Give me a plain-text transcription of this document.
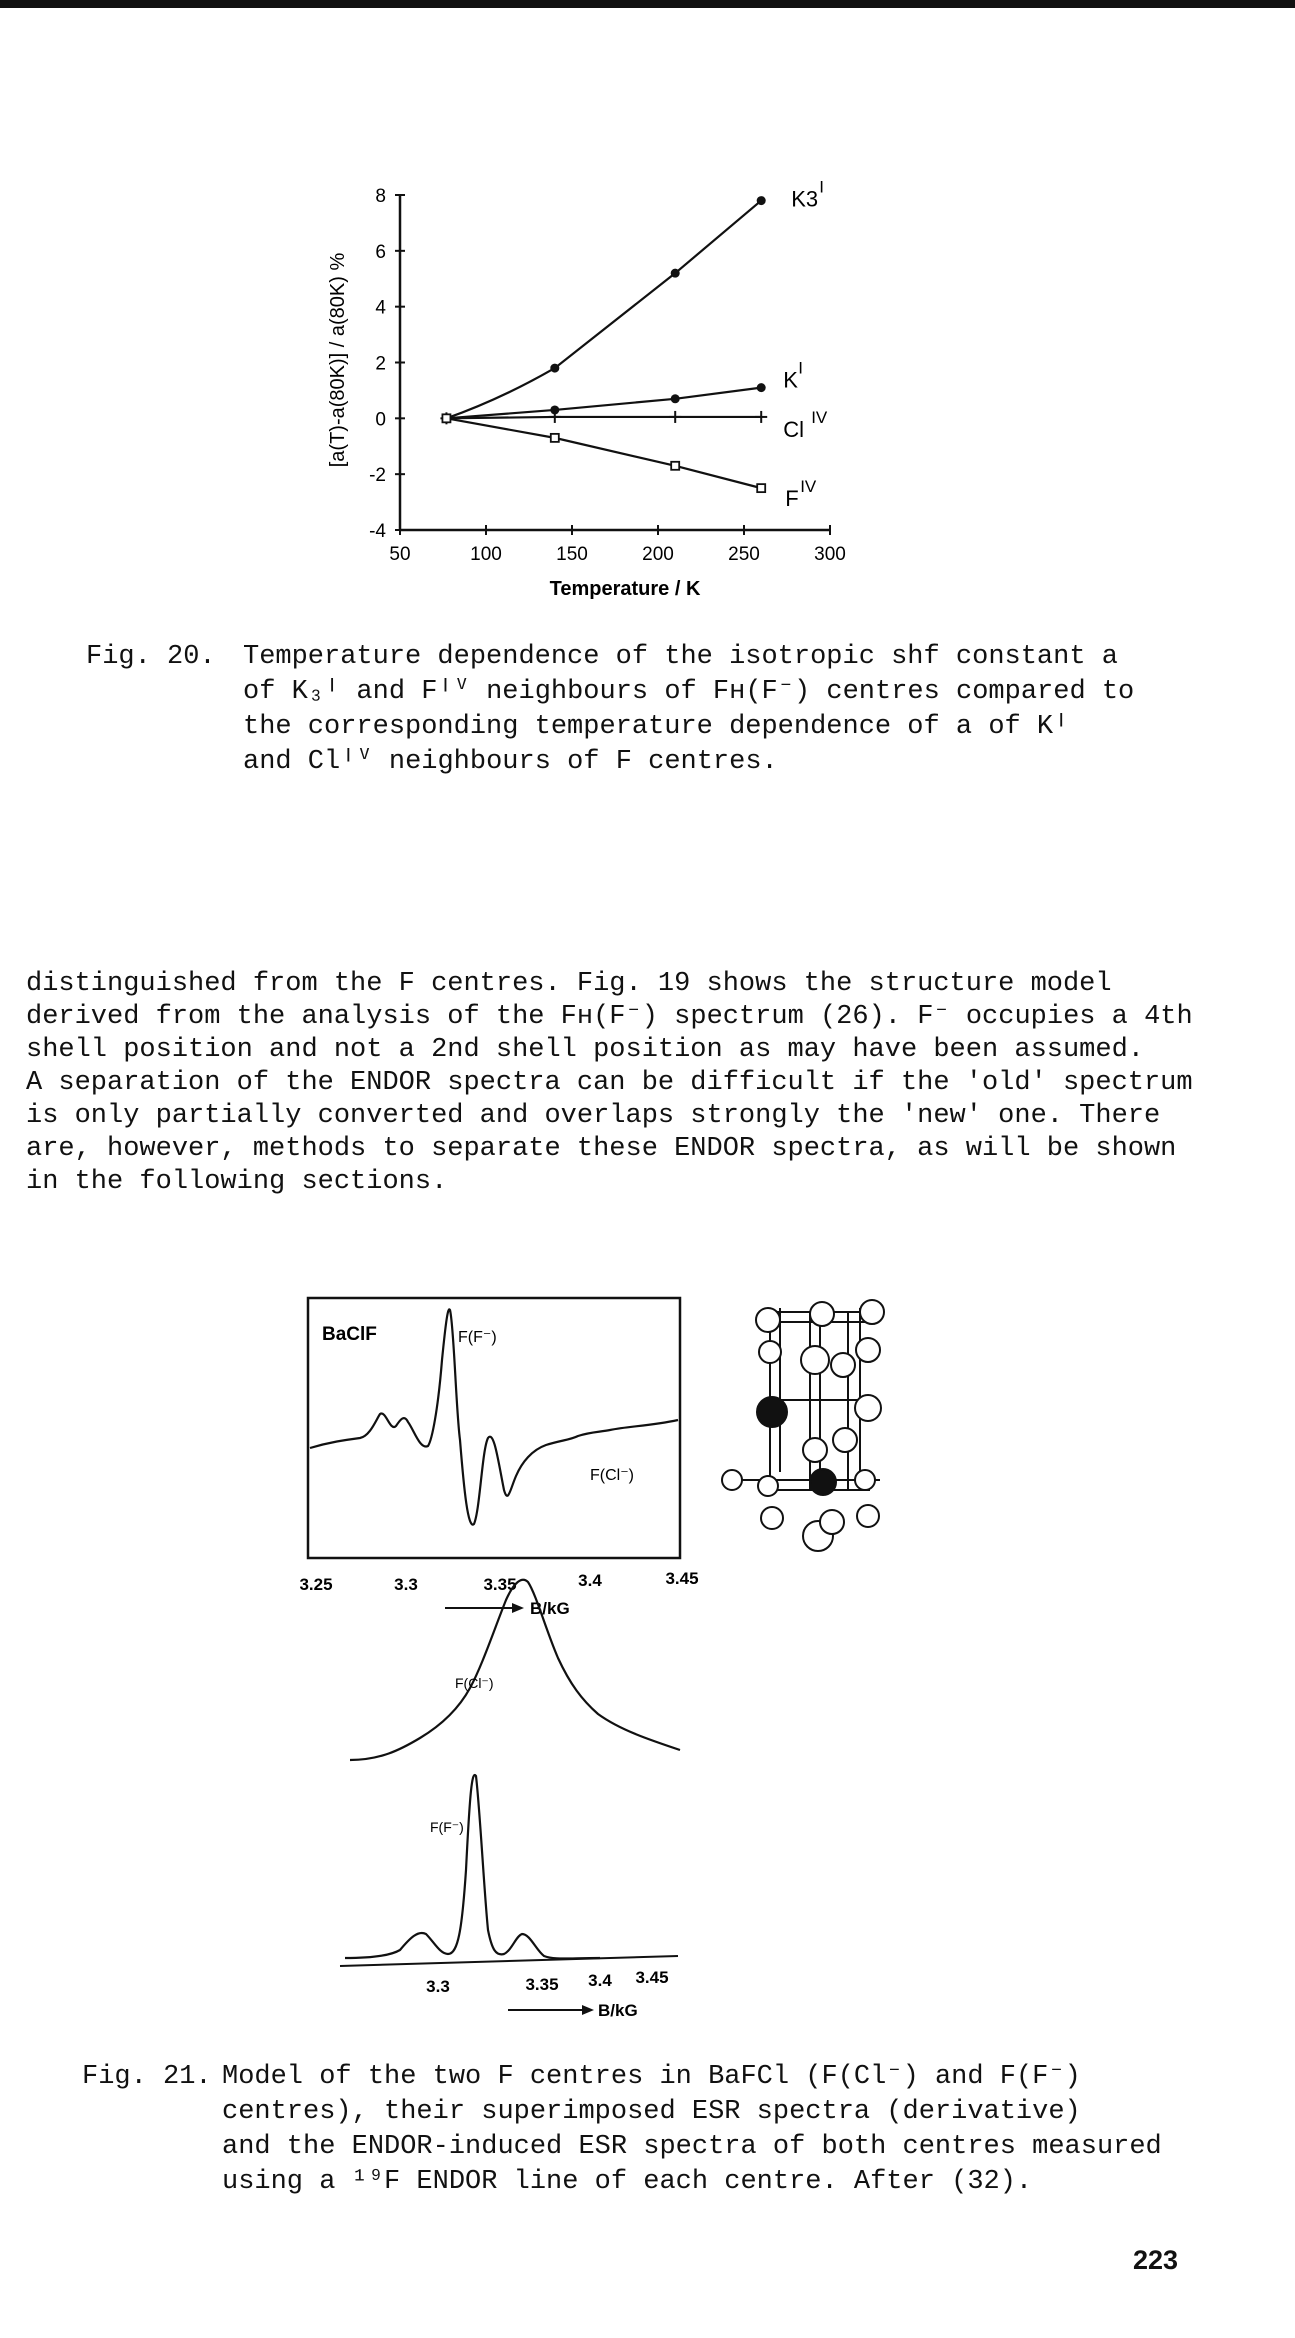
50	100	150	200	250	300
-4
-2
0
2
4
6
8	K3 I
K I
Cl IV
F IV
Temperature / K
[a(T)-a(80K)] / a(80K) %
Fig. 20. Temperature dependence of the isotropic shf constant a
of K₃ᴵ and Fᴵⱽ neighbours of Fʜ(F⁻) centres compared to
the corresponding temperature dependence of a of Kᴵ
and Clᴵⱽ neighbours of F centres.
distinguished from the F centres. Fig. 19 shows the structure model
derived from the analysis of the Fʜ(F⁻) spectrum (26). F⁻ occupies a 4th
shell position and not a 2nd shell position as may have been assumed.
A separation of the ENDOR spectra can be difficult if the 'old' spectrum
is only partially converted and overlaps strongly the 'new' one. There
are, however, methods to separate these ENDOR spectra, as will be shown
in the following sections.
BaClF	F(F⁻)
F(Cl⁻)
3.25	3.3	3.35	3.4	3.45
B/kG
F(Cl⁻)
F(F⁻)
3.3	3.35 3.4 3.45
B/kG
Fig. 21. Model of the two F centres in BaFCl (F(Cl⁻) and F(F⁻)
centres), their superimposed ESR spectra (derivative)
and the ENDOR-induced ESR spectra of both centres measured
using a ¹⁹F ENDOR line of each centre. After (32).
223
